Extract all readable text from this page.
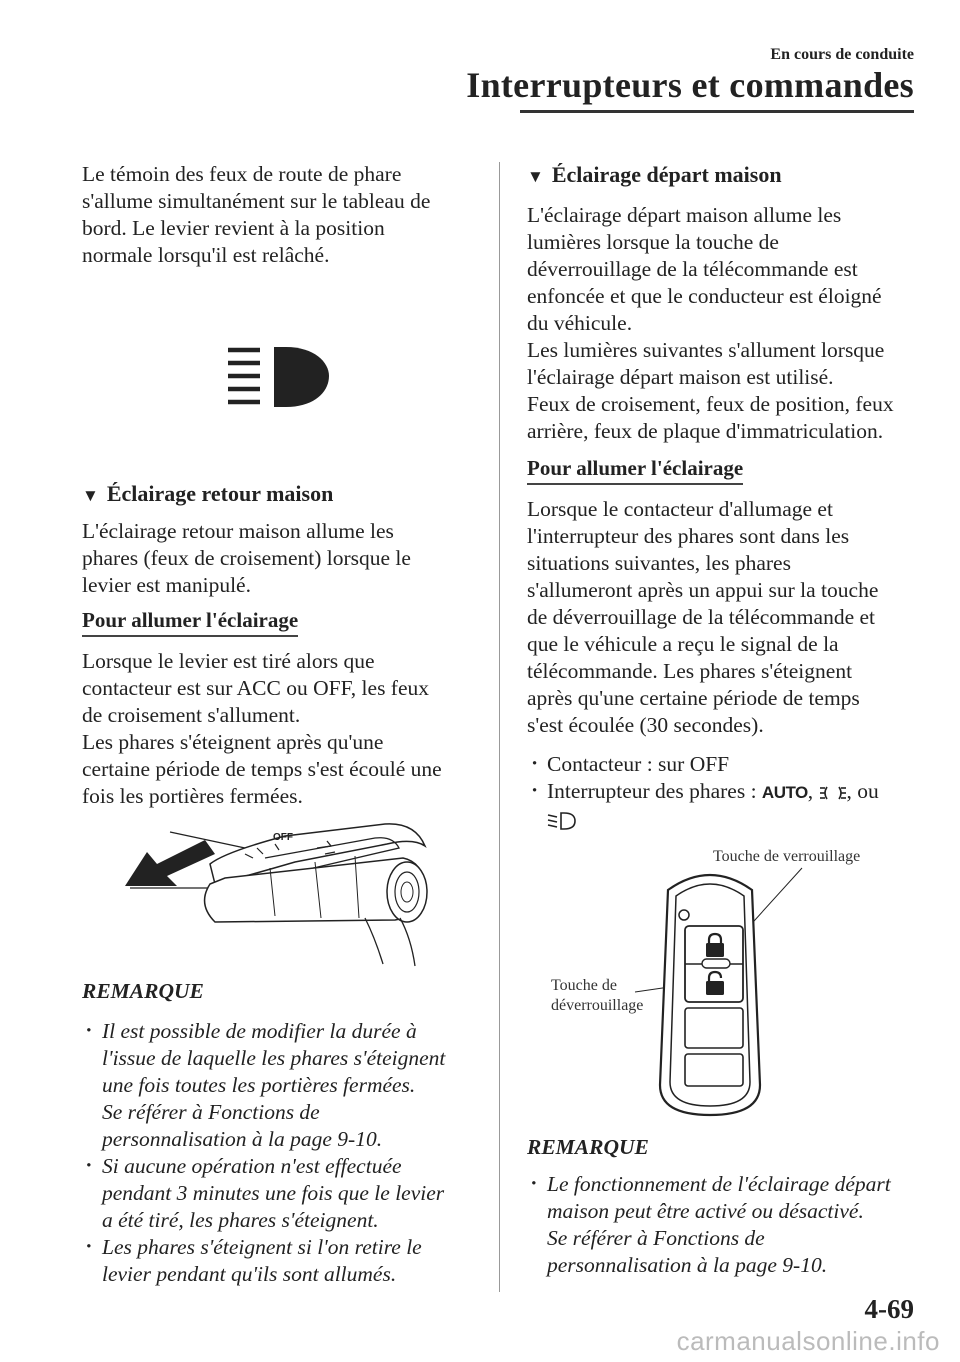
En cours de conduite
Interrupteurs et commandes

Le témoin des feux de route de phare

s'allume simultanément sur le tableau de

bord. Le levier revient à la position

normale lorsqu'il est relâché.

▼ Éclairage retour maison

L'éclairage retour maison allume les

phares (feux de croisement) lorsque le

levier est manipulé.

Pour allumer l'éclairage

Lorsque le levier est tiré alors que

contacteur est sur ACC ou OFF, les feux

de croisement s'allument.

Les phares s'éteignent après qu'une

certaine période de temps s'est écoulé une

fois les portières fermées.

OFF

REMARQUE

· Il est possible de modifier la durée à

l'issue de laquelle les phares s'éteignent

une fois toutes les portières fermées.

Se référer à Fonctions de

personnalisation à la page 9-10.

· Si aucune opération n'est effectuée

pendant 3 minutes une fois que le levier

a été tiré, les phares s'éteignent.

· Les phares s'éteignent si l'on retire le

levier pendant qu'ils sont allumés.

▼ Éclairage départ maison

L'éclairage départ maison allume les

lumières lorsque la touche de

déverrouillage de la télécommande est

enfoncée et que le conducteur est éloigné

du véhicule.

Les lumières suivantes s'allument lorsque

l'éclairage départ maison est utilisé.

Feux de croisement, feux de position, feux

arrière, feux de plaque d'immatriculation.

Pour allumer l'éclairage

Lorsque le contacteur d'allumage et

l'interrupteur des phares sont dans les

situations suivantes, les phares

s'allumeront après un appui sur la touche

de déverrouillage de la télécommande et

que le véhicule a reçu le signal de la

télécommande. Les phares s'éteignent

après qu'une certaine période de temps

s'est écoulée (30 secondes).

· Contacteur : sur OFF
· Interrupteur des phares : AUTO, , ou

Touche de verrouillage
Touche de
déverrouillage

REMARQUE

· Le fonctionnement de l'éclairage départ

maison peut être activé ou désactivé.

Se référer à Fonctions de

personnalisation à la page 9-10.

4-69
carmanualsonline.info
